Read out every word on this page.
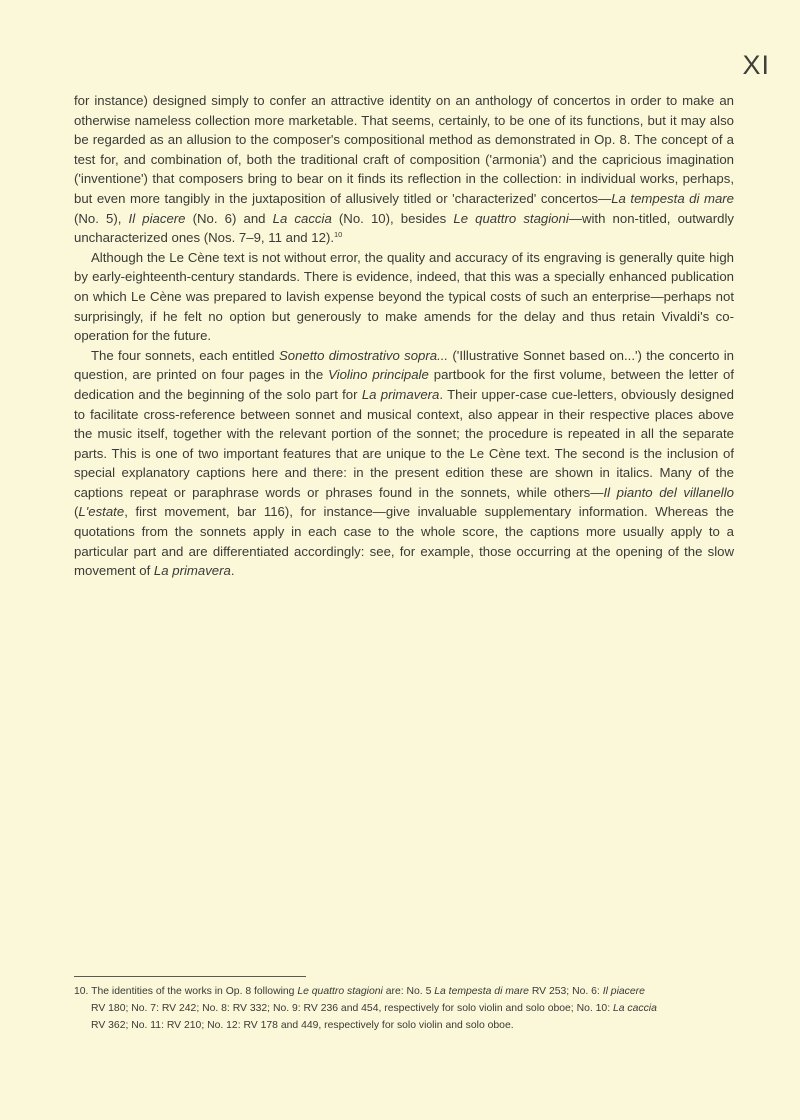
XI

for instance) designed simply to confer an attractive identity on an anthology of concertos in order to make an otherwise nameless collection more marketable. That seems, certainly, to be one of its functions, but it may also be regarded as an allusion to the composer's compositional method as demonstrated in Op. 8. The concept of a test for, and combination of, both the traditional craft of composition ('armonia') and the capricious imagination ('inventione') that composers bring to bear on it finds its reflection in the collection: in individual works, perhaps, but even more tangibly in the juxtaposition of allusively titled or 'characterized' concertos—La tempesta di mare (No. 5), Il piacere (No. 6) and La caccia (No. 10), besides Le quattro stagioni—with non-titled, outwardly uncharacterized ones (Nos. 7–9, 11 and 12).$^{10}$

Although the Le Cène text is not without error, the quality and accuracy of its engraving is generally quite high by early-eighteenth-century standards. There is evidence, indeed, that this was a specially enhanced publication on which Le Cène was prepared to lavish expense beyond the typical costs of such an enterprise—perhaps not surprisingly, if he felt no option but generously to make amends for the delay and thus retain Vivaldi's co-operation for the future.

The four sonnets, each entitled Sonetto dimostrativo sopra... ('Illustrative Sonnet based on...') the concerto in question, are printed on four pages in the Violino principale partbook for the first volume, between the letter of dedication and the beginning of the solo part for La primavera. Their upper-case cue-letters, obviously designed to facilitate cross-reference between sonnet and musical context, also appear in their respective places above the music itself, together with the relevant portion of the sonnet; the procedure is repeated in all the separate parts. This is one of two important features that are unique to the Le Cène text. The second is the inclusion of special explanatory captions here and there: in the present edition these are shown in italics. Many of the captions repeat or paraphrase words or phrases found in the sonnets, while others—Il pianto del villanello (L'estate, first movement, bar 116), for instance—give invaluable supplementary information. Whereas the quotations from the sonnets apply in each case to the whole score, the captions more usually apply to a particular part and are differentiated accordingly: see, for example, those occurring at the opening of the slow movement of La primavera.

10. The identities of the works in Op. 8 following Le quattro stagioni are: No. 5 La tempesta di mare RV 253; No. 6: Il piacere
RV 180; No. 7: RV 242; No. 8: RV 332; No. 9: RV 236 and 454, respectively for solo violin and solo oboe; No. 10: La caccia
RV 362; No. 11: RV 210; No. 12: RV 178 and 449, respectively for solo violin and solo oboe.
